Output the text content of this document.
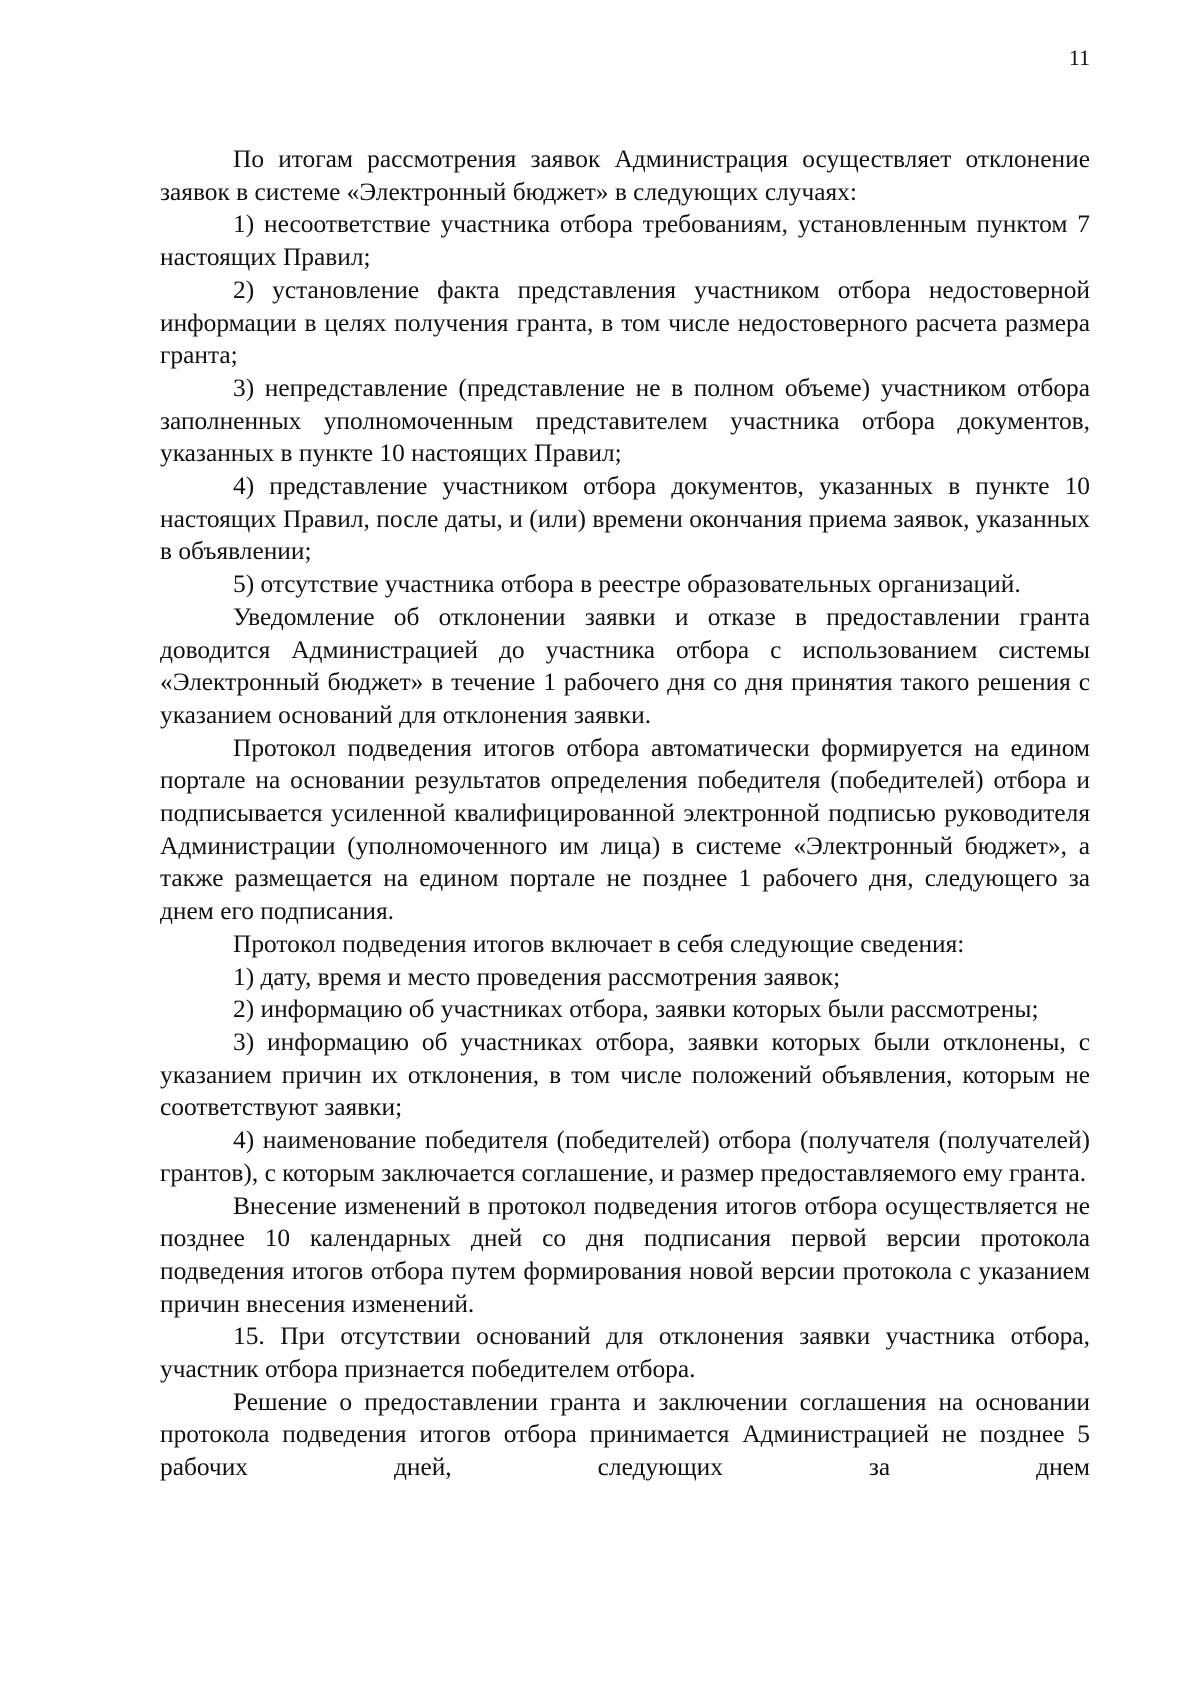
11

По итогам рассмотрения заявок Администрация осуществляет отклонение заявок в системе «Электронный бюджет» в следующих случаях:

1) несоответствие участника отбора требованиям, установленным пунктом 7 настоящих Правил;

2) установление факта представления участником отбора недостоверной информации в целях получения гранта, в том числе недостоверного расчета размера гранта;

3) непредставление (представление не в полном объеме) участником отбора заполненных уполномоченным представителем участника отбора документов, указанных в пункте 10 настоящих Правил;

4) представление участником отбора документов, указанных в пункте 10 настоящих Правил, после даты, и (или) времени окончания приема заявок, указанных в объявлении;

5) отсутствие участника отбора в реестре образовательных организаций.

Уведомление об отклонении заявки и отказе в предоставлении гранта доводится Администрацией до участника отбора с использованием системы «Электронный бюджет» в течение 1 рабочего дня со дня принятия такого решения с указанием оснований для отклонения заявки.

Протокол подведения итогов отбора автоматически формируется на едином портале на основании результатов определения победителя (победителей) отбора и подписывается усиленной квалифицированной электронной подписью руководителя Администрации (уполномоченного им лица) в системе «Электронный бюджет», а также размещается на едином портале не позднее 1 рабочего дня, следующего за днем его подписания.

Протокол подведения итогов включает в себя следующие сведения:

1) дату, время и место проведения рассмотрения заявок;

2) информацию об участниках отбора, заявки которых были рассмотрены;

3) информацию об участниках отбора, заявки которых были отклонены, с указанием причин их отклонения, в том числе положений объявления, которым не соответствуют заявки;

4) наименование победителя (победителей) отбора (получателя (получателей) грантов), с которым заключается соглашение, и размер предоставляемого ему гранта.

Внесение изменений в протокол подведения итогов отбора осуществляется не позднее 10 календарных дней со дня подписания первой версии протокола подведения итогов отбора путем формирования новой версии протокола с указанием причин внесения изменений.

15. При отсутствии оснований для отклонения заявки участника отбора, участник отбора признается победителем отбора.

Решение о предоставлении гранта и заключении соглашения на основании протокола подведения итогов отбора принимается Администрацией не позднее 5 рабочих дней, следующих за днем
